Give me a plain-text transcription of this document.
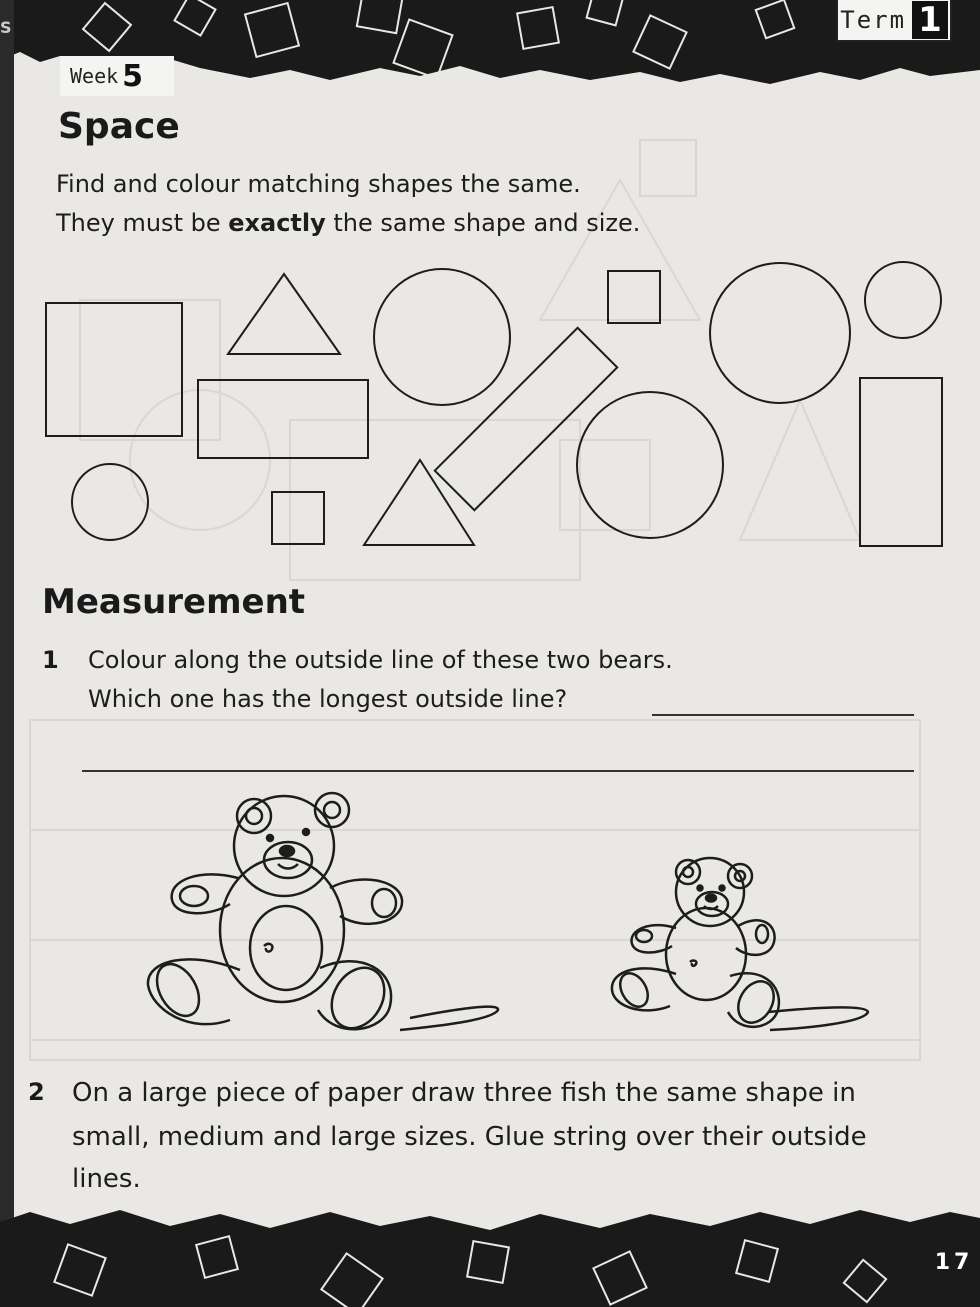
S	Term 1
Week 5
Space

Find and colour matching shapes the same.

They must be exactly the same shape and size.

Measurement
1 Colour along the outside line of these two bears.

Which one has the longest outside line?

2 On a large piece of paper draw three fish the same shape in

small, medium and large sizes. Glue string over their outside

lines.

17
